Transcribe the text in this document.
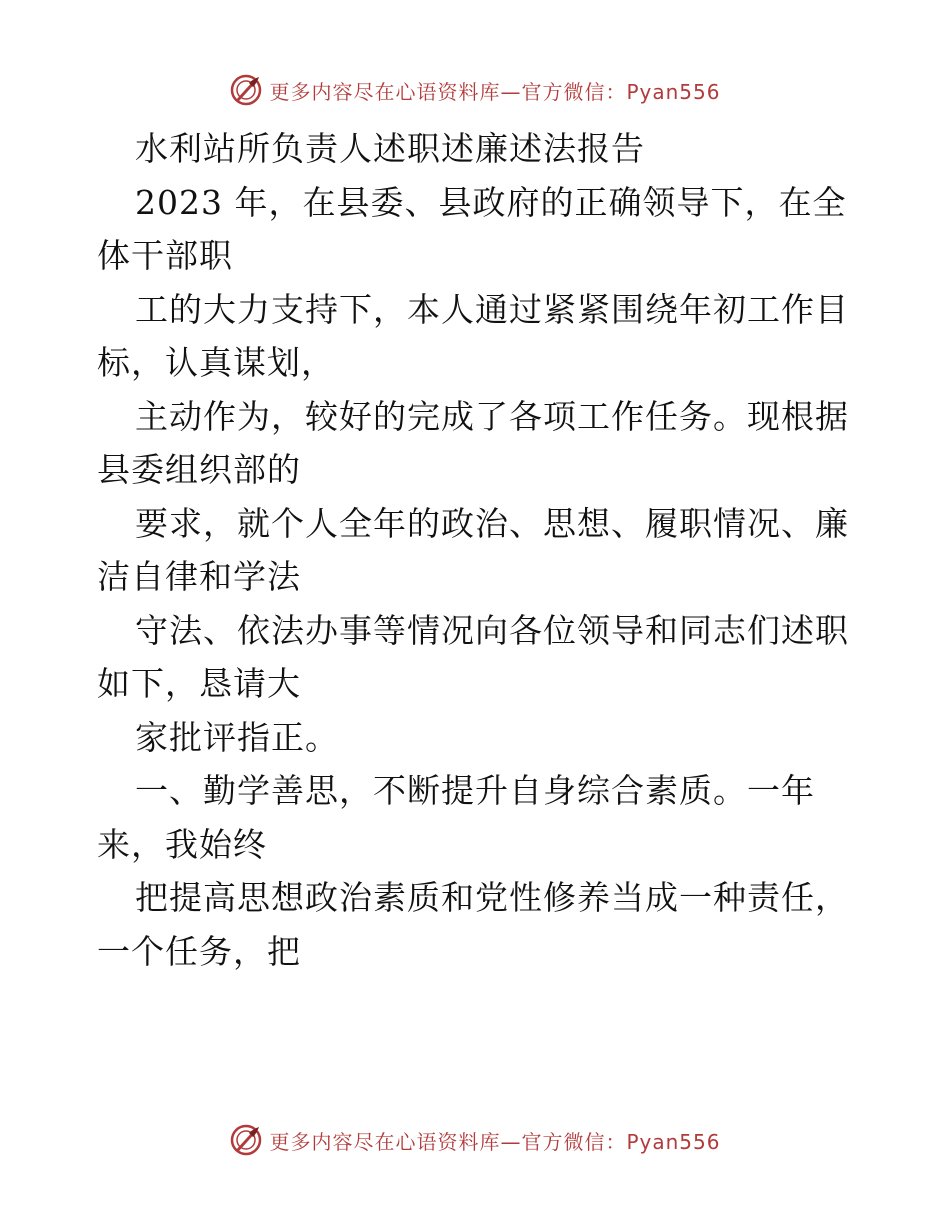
更多内容尽在心语资料库—官方微信：Pyan556
水利站所负责人述职述廉述法报告
2023 年，在县委、县政府的正确领导下，在全
体干部职
工的大力支持下，本人通过紧紧围绕年初工作目
标，认真谋划，
主动作为，较好的完成了各项工作任务。现根据
县委组织部的
要求，就个人全年的政治、思想、履职情况、廉
洁自律和学法
守法、依法办事等情况向各位领导和同志们述职
如下，恳请大
家批评指正。
一、勤学善思，不断提升自身综合素质。一年
来，我始终
把提高思想政治素质和党性修养当成一种责任，
一个任务，把
更多内容尽在心语资料库—官方微信：Pyan556
